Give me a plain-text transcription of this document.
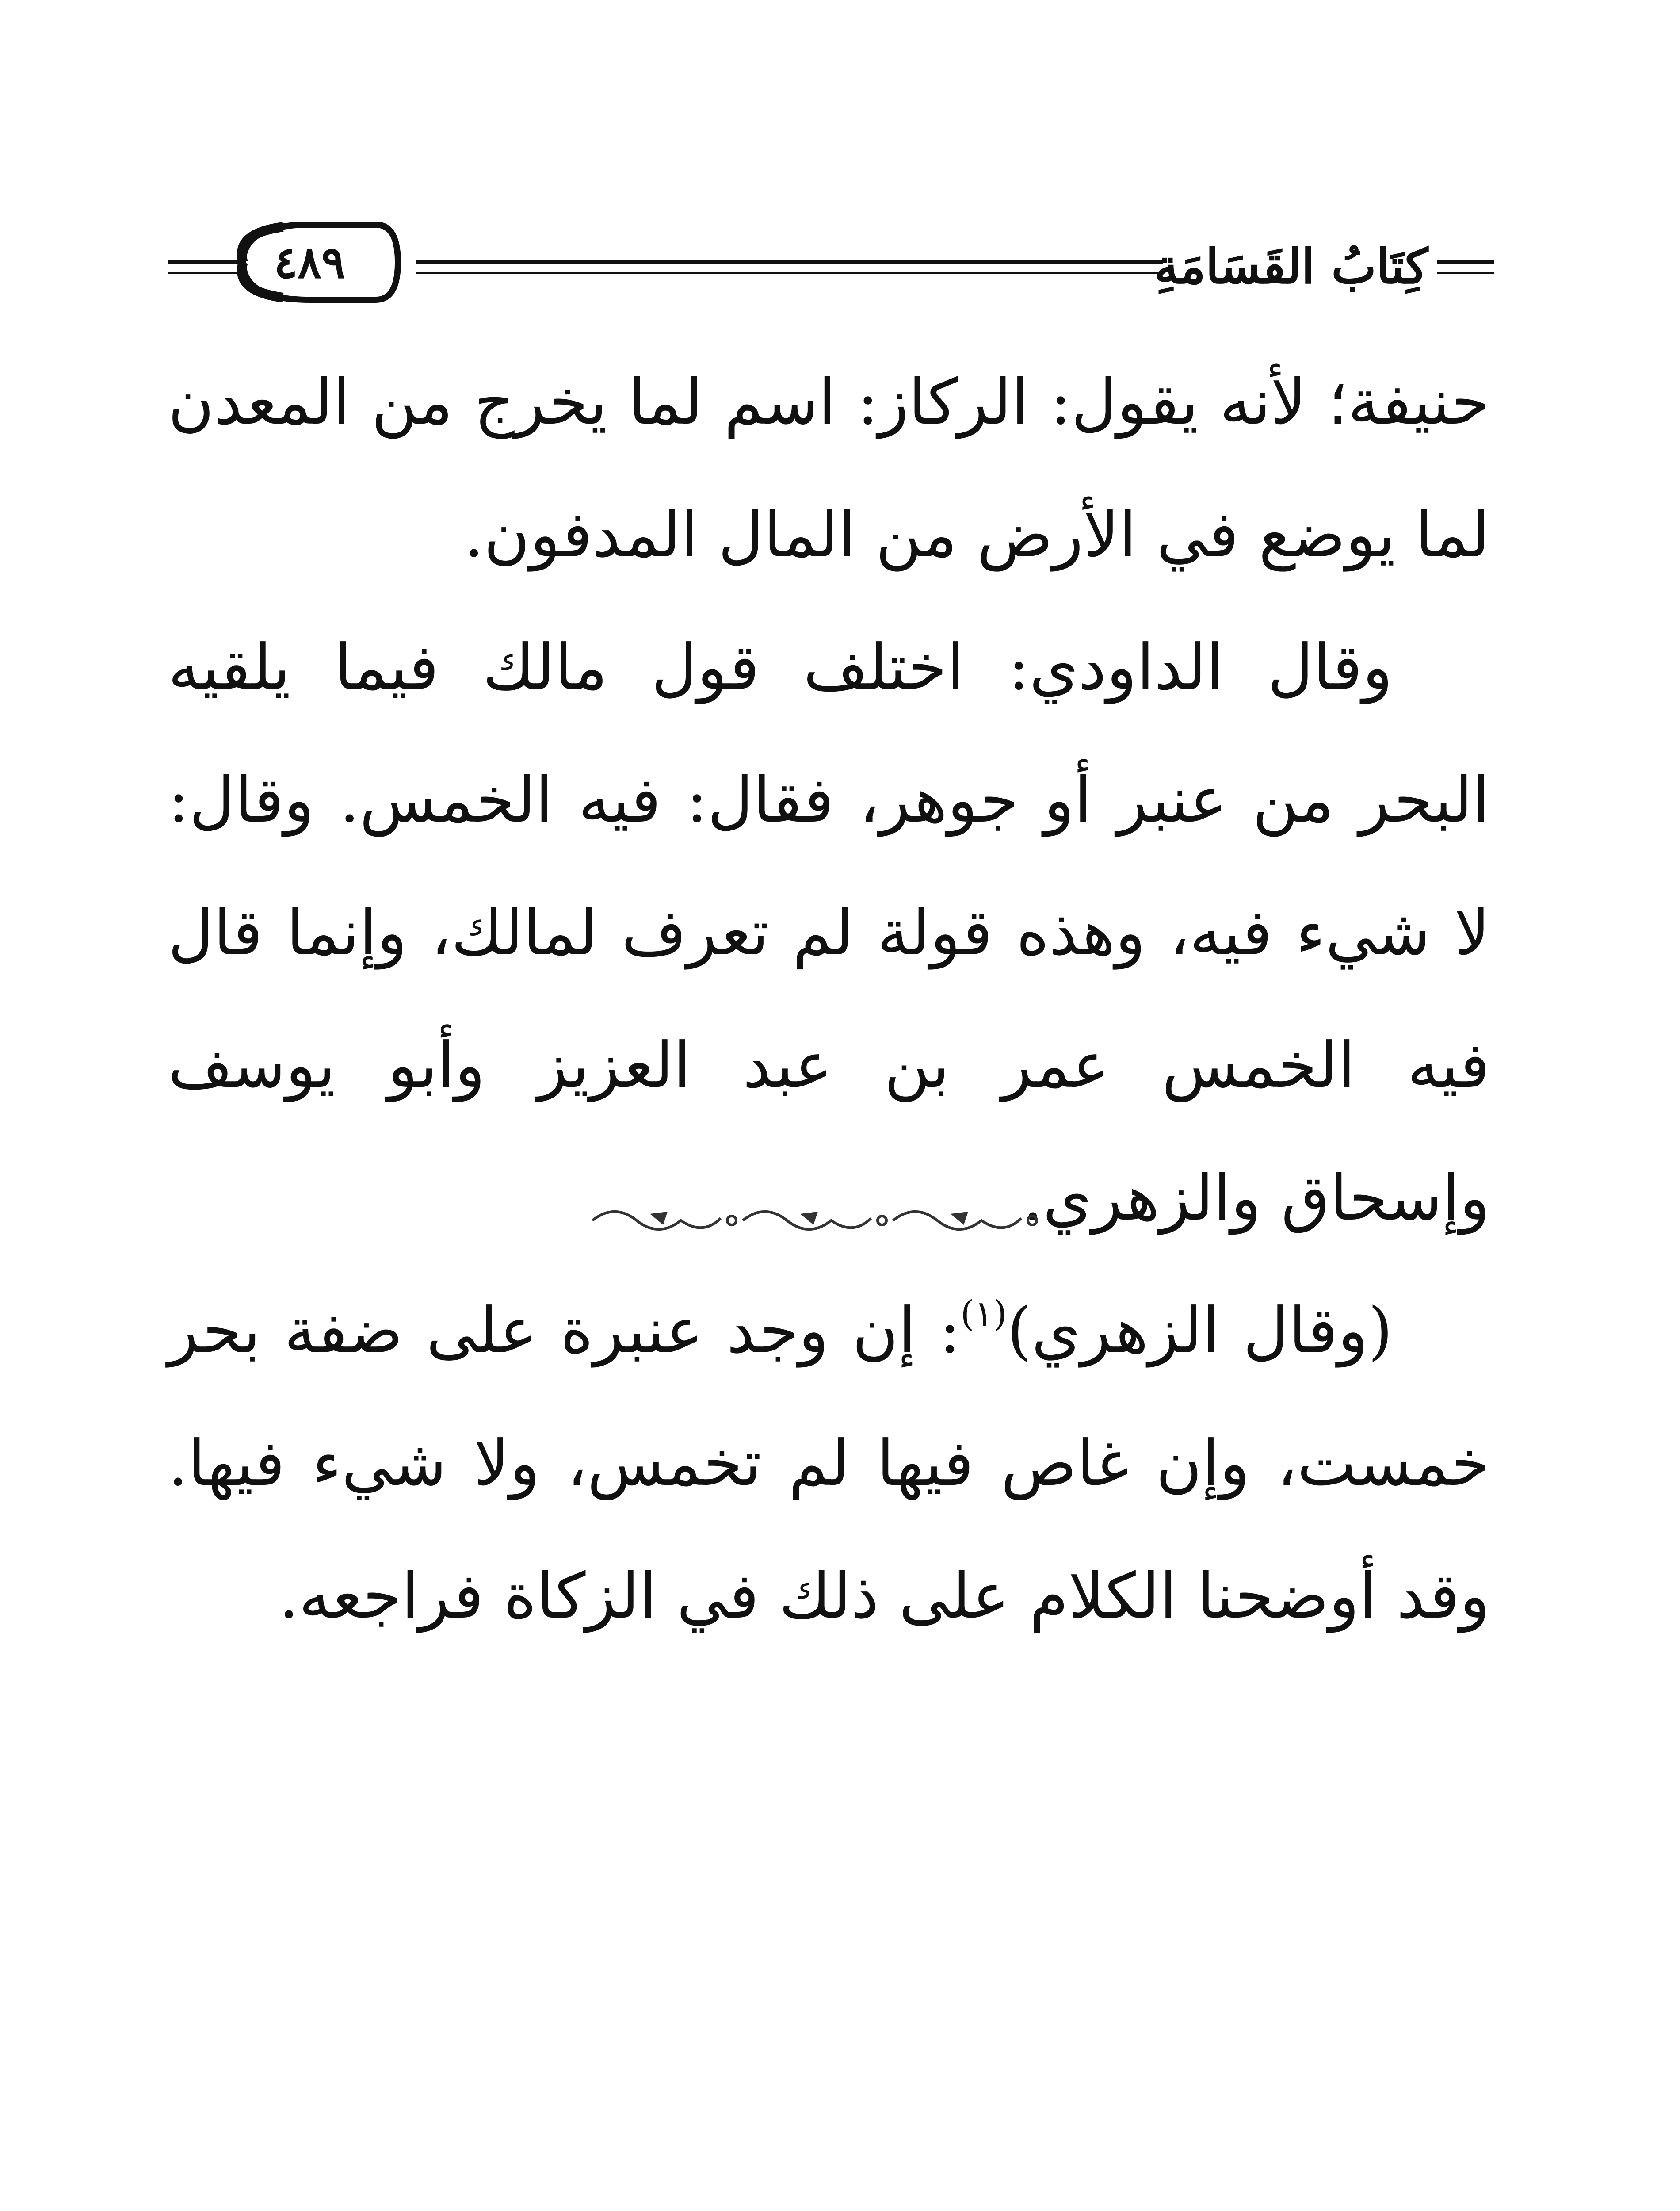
٤٨٩	كِتَابُ القَسَامَةِ

حنيفة؛ لأنه يقول: الركاز: اسم لما يخرج من المعدن لما يوضع في الأرض من المال المدفون.

وقال الداودي: اختلف قول مالك فيما يلقيه البحر من عنبر أو جوهر، فقال: فيه الخمس. وقال: لا شيء فيه، وهذه قولة لم تعرف لمالك، وإنما قال فيه الخمس عمر بن عبد العزيز وأبو يوسف وإسحاق والزهري.

(وقال الزهري)$^{(١)}$: إن وجد عنبرة على ضفة بحر خمست، وإن غاص فيها لم تخمس، ولا شيء فيها. وقد أوضحنا الكلام على ذلك في الزكاة فراجعه.
